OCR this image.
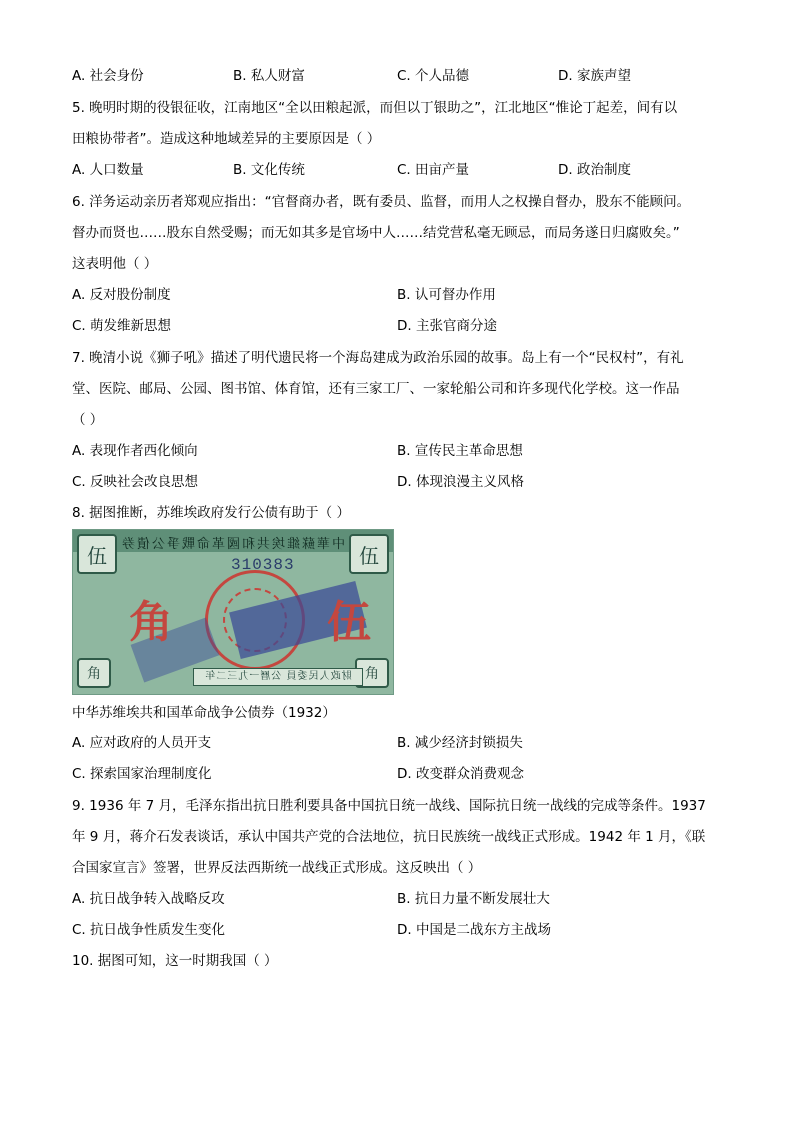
A. 社会身份	B. 私人财富	C. 个人品德	D. 家族声望
5. 晚明时期的役银征收，江南地区“全以田粮起派，而但以丁银助之”，江北地区“惟论丁起差，间有以
田粮协带者”。造成这种地域差异的主要原因是（ ）
A. 人口数量	B. 文化传统	C. 田亩产量	D. 政治制度
6. 洋务运动亲历者郑观应指出：“官督商办者，既有委员、监督，而用人之权操自督办，股东不能顾问。
督办而贤也……股东自然受赐；而无如其多是官场中人……结党营私毫无顾忌，而局务遂日归腐败矣。”
这表明他（ ）
A. 反对股份制度	B. 认可督办作用
C. 萌发维新思想	D. 主张官商分途
7. 晚清小说《狮子吼》描述了明代遗民将一个海岛建成为政治乐园的故事。岛上有一个“民权村”，有礼
堂、医院、邮局、公园、图书馆、体育馆，还有三家工厂、一家轮船公司和许多现代化学校。这一作品
（ ）
A. 表现作者西化倾向	B. 宣传民主革命思想
C. 反映社会改良思想	D. 体现浪漫主义风格
8. 据图推断，苏维埃政府发行公债有助于（ ）
中華蘇維埃共和國革命戰爭公債券
伍	伍
角	角
310383
角	伍
財政人民委員 公曆一九三二年
中华苏维埃共和国革命战争公债券（1932）
A. 应对政府的人员开支	B. 减少经济封锁损失
C. 探索国家治理制度化	D. 改变群众消费观念
9. 1936 年 7 月，毛泽东指出抗日胜利要具备中国抗日统一战线、国际抗日统一战线的完成等条件。1937
年 9 月，蒋介石发表谈话，承认中国共产党的合法地位，抗日民族统一战线正式形成。1942 年 1 月，《联
合国家宣言》签署，世界反法西斯统一战线正式形成。这反映出（ ）
A. 抗日战争转入战略反攻	B. 抗日力量不断发展壮大
C. 抗日战争性质发生变化	D. 中国是二战东方主战场
10. 据图可知，这一时期我国（ ）
